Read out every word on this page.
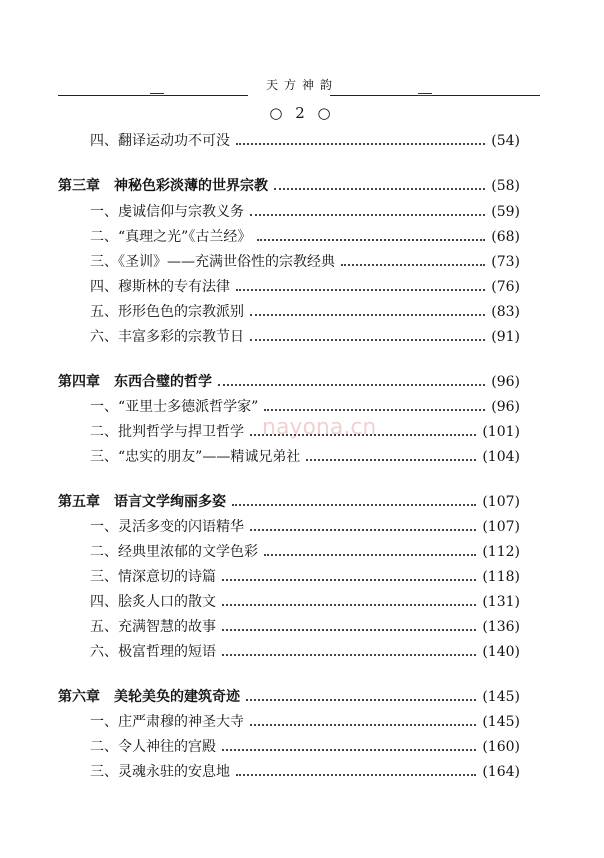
天方神韵
○ 2 ○
nayona.cn
四、翻译运动功不可没	(54)
第三章　神秘色彩淡薄的世界宗教	(58)
一、虔诚信仰与宗教义务	(59)
二、“真理之光”《古兰经》	(68)
三、《圣训》——充满世俗性的宗教经典	(73)
四、穆斯林的专有法律	(76)
五、形形色色的宗教派别	(83)
六、丰富多彩的宗教节日	(91)
第四章　东西合璧的哲学	(96)
一、“亚里士多德派哲学家”	(96)
二、批判哲学与捍卫哲学	(101)
三、“忠实的朋友”——精诚兄弟社	(104)
第五章　语言文学绚丽多姿	(107)
一、灵活多变的闪语精华	(107)
二、经典里浓郁的文学色彩	(112)
三、情深意切的诗篇	(118)
四、脍炙人口的散文	(131)
五、充满智慧的故事	(136)
六、极富哲理的短语	(140)
第六章　美轮美奂的建筑奇迹	(145)
一、庄严肃穆的神圣大寺	(145)
二、令人神往的宫殿	(160)
三、灵魂永驻的安息地	(164)
